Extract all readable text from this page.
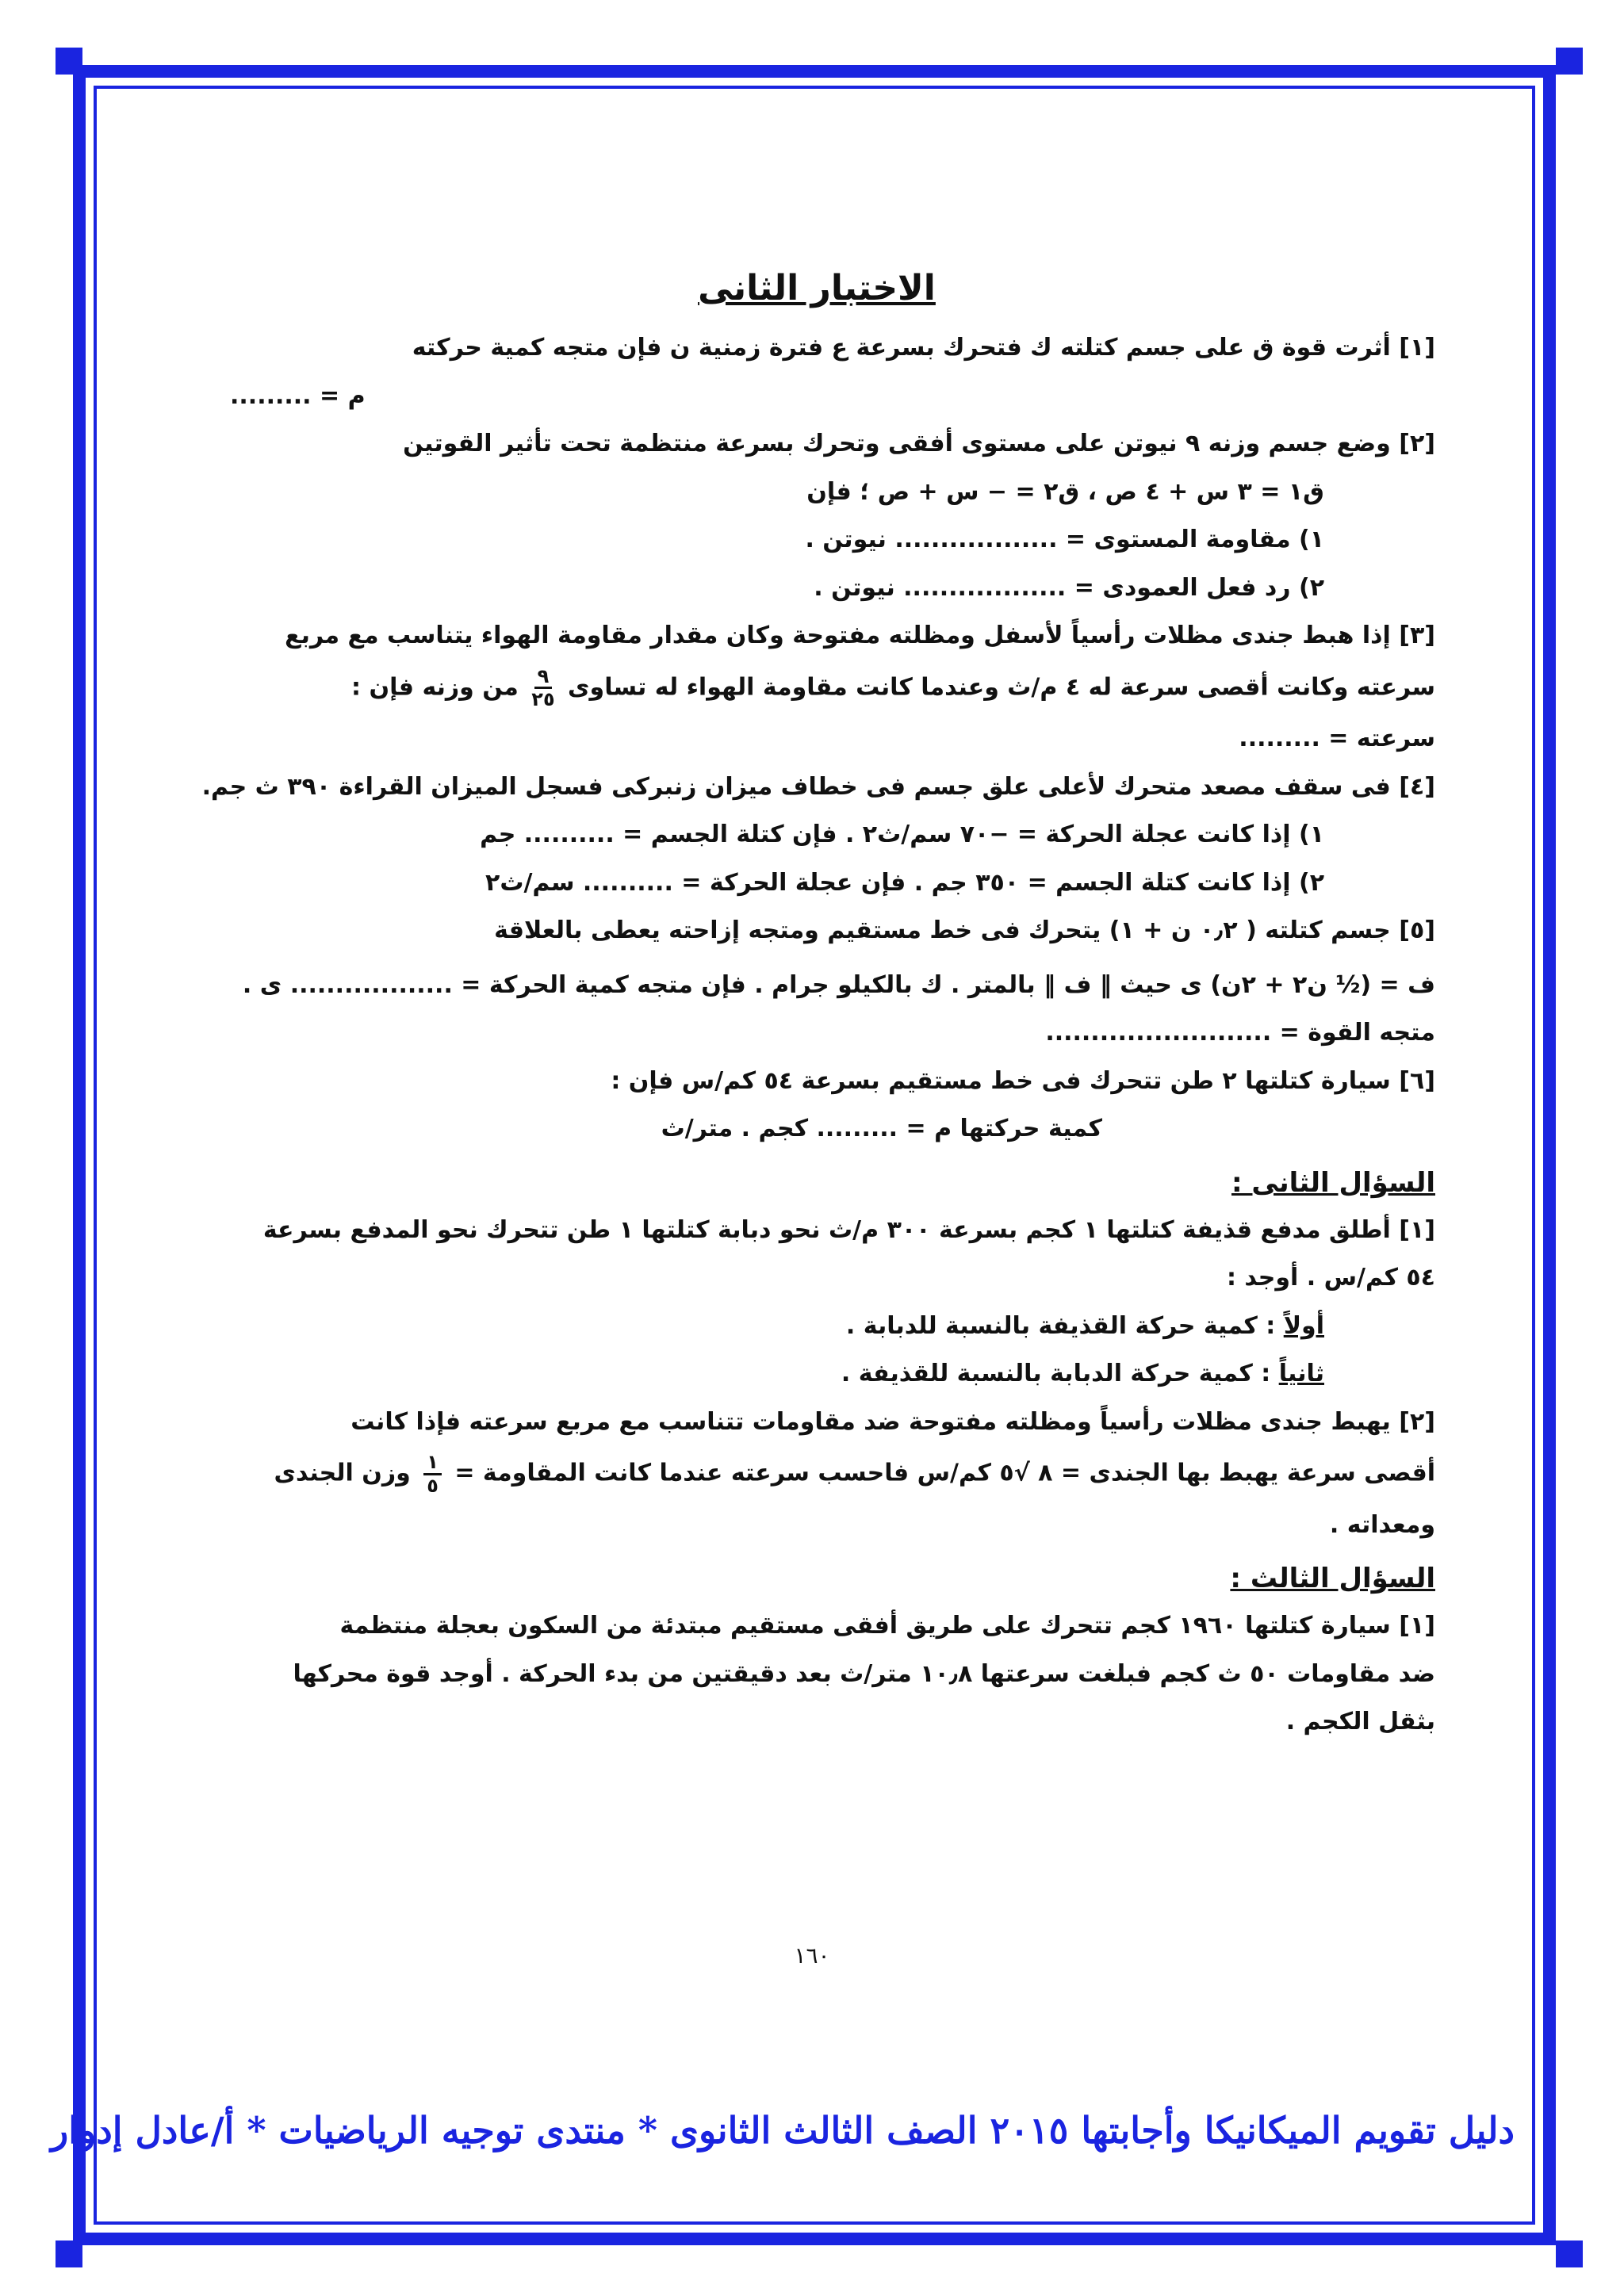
الاختبار الثانى
[١] أثرت قوة ق على جسم كتلته ك فتحرك بسرعة ع فترة زمنية ن فإن متجه كمية حركته
م = .........
[٢] وضع جسم وزنه ٩ نيوتن على مستوى أفقى وتحرك بسرعة منتظمة تحت تأثير القوتين
ق١ = ٣ س + ٤ ص ، ق٢ = − س + ص ؛ فإن
١) مقاومة المستوى = .................. نيوتن .
٢) رد فعل العمودى = .................. نيوتن .
[٣] إذا هبط جندى مظلات رأسياً لأسفل ومظلته مفتوحة وكان مقدار مقاومة الهواء يتناسب مع مربع
سرعته وكانت أقصى سرعة له ٤ م/ث وعندما كانت مقاومة الهواء له تساوى
$\frac{٩}{٢٥}$
من وزنه فإن :
سرعته = .........
[٤] فى سقف مصعد متحرك لأعلى علق جسم فى خطاف ميزان زنبركى فسجل الميزان القراءة ٣٩٠ ث جم.
١) إذا كانت عجلة الحركة = −٧٠ سم/ث٢ . فإن كتلة الجسم = .......... جم
٢) إذا كانت كتلة الجسم = ٣٥٠ جم . فإن عجلة الحركة = .......... سم/ث٢
[٥] جسم كتلته ( ٠٫٢ ن + ١) يتحرك فى خط مستقيم ومتجه إزاحته يعطى بالعلاقة
ف = (½ ن٢ + ٢ن) ى حيث ‖ ف ‖ بالمتر . ك بالكيلو جرام . فإن متجه كمية الحركة = .................. ى .
متجه القوة = .........................
[٦] سيارة كتلتها ٢ طن تتحرك فى خط مستقيم بسرعة ٥٤ كم/س فإن :
كمية حركتها م = ......... كجم . متر/ث
السؤال الثانى :
[١] أطلق مدفع قذيفة كتلتها ١ كجم بسرعة ٣٠٠ م/ث نحو دبابة كتلتها ١ طن تتحرك نحو المدفع بسرعة
٥٤ كم/س . أوجد :
أولاً : كمية حركة القذيفة بالنسبة للدبابة .
ثانياً : كمية حركة الدبابة بالنسبة للقذيفة .
[٢] يهبط جندى مظلات رأسياً ومظلته مفتوحة ضد مقاومات تتناسب مع مربع سرعته فإذا كانت
أقصى سرعة يهبط بها الجندى = ٨ √٥ كم/س فاحسب سرعته عندما كانت المقاومة =
$\frac{١}{٥}$
وزن الجندى
ومعداته .
السؤال الثالث :
[١] سيارة كتلتها ١٩٦٠ كجم تتحرك على طريق أفقى مستقيم مبتدئة من السكون بعجلة منتظمة
ضد مقاومات ٥٠ ث كجم فبلغت سرعتها ١٠٫٨ متر/ث بعد دقيقتين من بدء الحركة . أوجد قوة محركها
بثقل الكجم .
١٦٠
دليل تقويم الميكانيكا وأجابتها ٢٠١٥ الصف الثالث الثانوى * منتدى توجيه الرياضيات * أ/عادل إدوار
